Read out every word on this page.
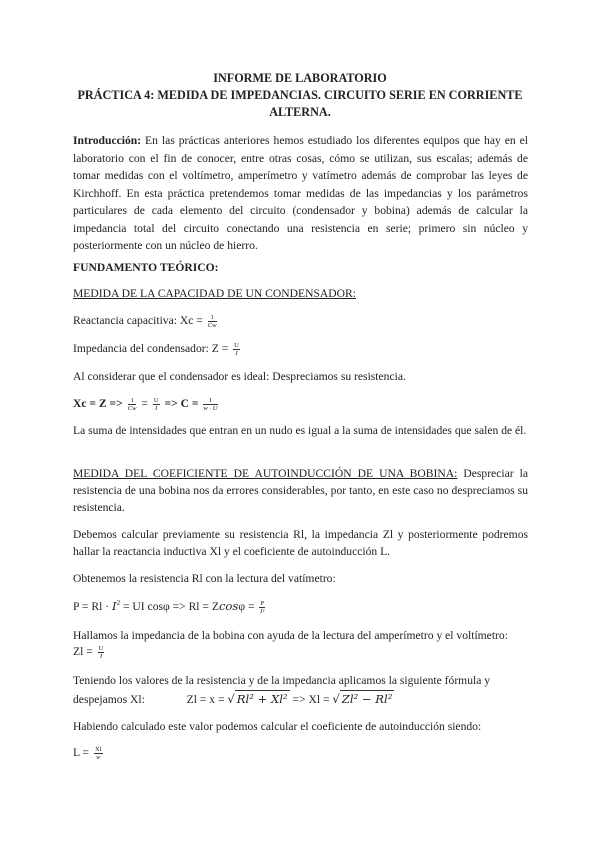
INFORME DE LABORATORIO
PRÁCTICA 4: MEDIDA DE IMPEDANCIAS. CIRCUITO SERIE EN CORRIENTE
ALTERNA.
Introducción: En las prácticas anteriores hemos estudiado los diferentes equipos que hay en el laboratorio con el fin de conocer, entre otras cosas, cómo se utilizan, sus escalas; además de tomar medidas con el voltímetro, amperímetro y vatímetro además de comprobar las leyes de Kirchhoff. En esta práctica pretendemos tomar medidas de las impedancias y los parámetros particulares de cada elemento del circuito (condensador y bobina) además de calcular la impedancia total del circuito conectando una resistencia en serie; primero sin núcleo y posteriormente con un núcleo de hierro.
FUNDAMENTO TEÓRICO:
MEDIDA DE LA CAPACIDAD DE UN CONDENSADOR:
Reactancia capacitiva: $Xc = \frac{1}{Cw}$
Impedancia del condensador: $Z = \frac{U}{I}$
Al considerar que el condensador es ideal: Despreciamos su resistencia.
$Xc = Z => \frac{1}{Cw} = \frac{U}{I} => C = \frac{1}{w \cdot U}$
La suma de intensidades que entran en un nudo es igual a la suma de intensidades que salen de él.
MEDIDA DEL COEFICIENTE DE AUTOINDUCCIÓN DE UNA BOBINA: Despreciar la resistencia de una bobina nos da errores considerables, por tanto, en este caso no despreciamos su resistencia.
Debemos calcular previamente su resistencia Rl, la impedancia Zl y posteriormente podremos hallar la reactancia inductiva Xl y el coeficiente de autoinducción L.
Obtenemos la resistencia Rl con la lectura del vatímetro:
$P = Rl \cdot I^2$ = UI $\cos\varphi => Rl = Zcos\varphi = \frac{P}{\text{I²}}$
Hallamos la impedancia de la bobina con ayuda de la lectura del amperímetro y el voltímetro:
$Zl = \frac{U}{I}$
Teniendo los valores de la resistencia y de la impedancia aplicamos la siguiente fórmula y
despejamos Xl:	Zl = x = √ Rl² + Xl² => Xl = √ Zl² − Rl²
Habiendo calculado este valor podemos calcular el coeficiente de autoinducción siendo:
$L = \frac{Xl}{w}$
